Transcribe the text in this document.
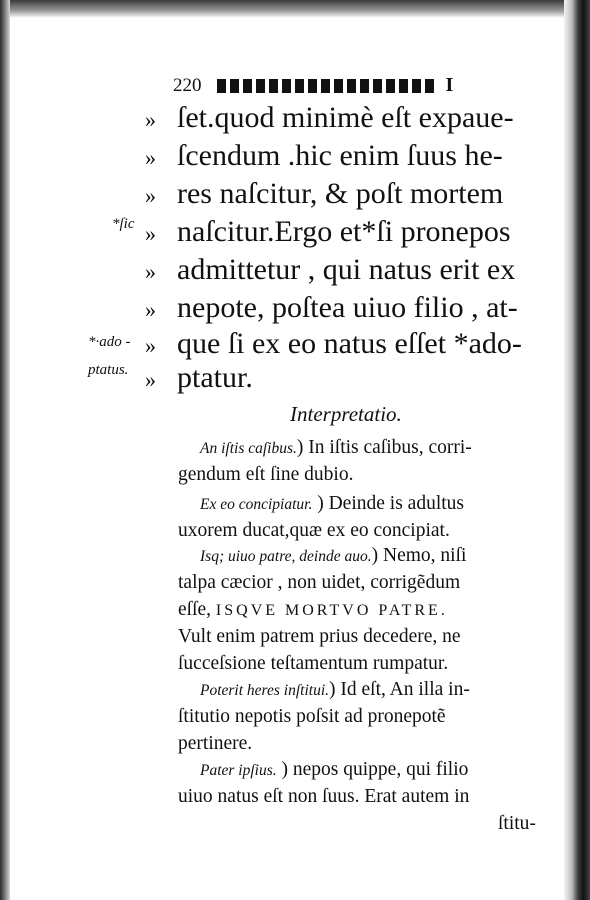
220	I
» ſet.quod minimè eſt expaue-
» ſcendum .hic enim ſuus he-
» res naſcitur, & poſt mortem
» naſcitur.Ergo et*ſi pronepos
» admittetur , qui natus erit ex
» nepote, poſtea uiuo filio , at-
» que ſi ex eo natus eſſet *ado-
» ptatur.
*ſic
*·ado -
ptatus.
Interpretatio.
An iſtis caſibus.) In iſtis caſibus, corri-
gendum eſt ſine dubio.
Ex eo concipiatur. ) Deinde is adultus
uxorem ducat,quæ ex eo concipiat.
Isq; uiuo patre, deinde auo.) Nemo, niſi
talpa cæcior , non uidet, corrigẽdum
eſſe, ISQVE MORTVO PATRE.
Vult enim patrem prius decedere, ne
ſucceſsione teſtamentum rumpatur.
Poterit heres inſtitui.) Id eſt, An illa in-
ſtitutio nepotis poſsit ad pronepotẽ
pertinere.
Pater ipſius. ) nepos quippe, qui filio
uiuo natus eſt non ſuus. Erat autem in
ſtitu-
